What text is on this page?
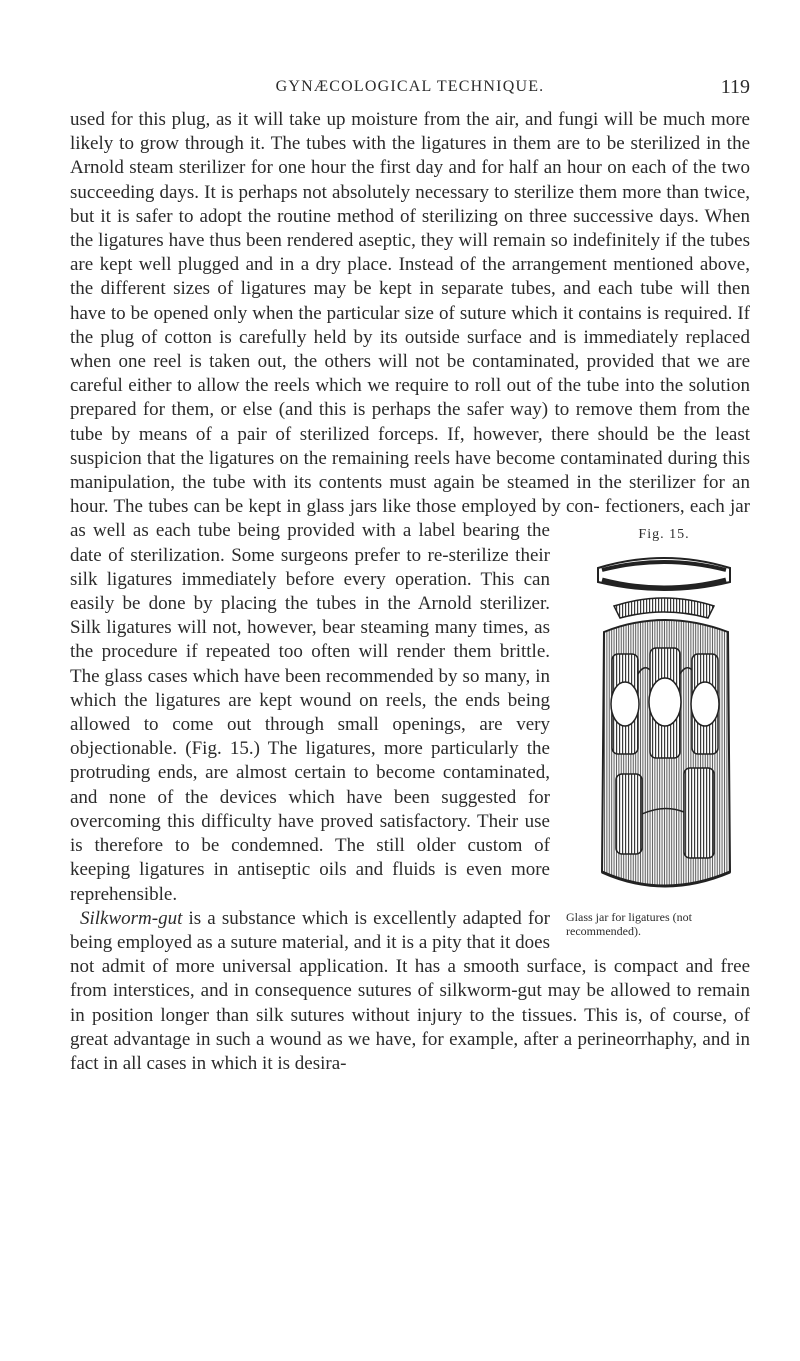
GYNÆCOLOGICAL TECHNIQUE.	119

used for this plug, as it will take up moisture from the air, and fungi will be much more likely to grow through it. The tubes with the ligatures in them are to be sterilized in the Arnold steam sterilizer for one hour the first day and for half an hour on each of the two succeeding days. It is perhaps not absolutely necessary to sterilize them more than twice, but it is safer to adopt the routine method of sterilizing on three successive days. When the ligatures have thus been rendered aseptic, they will remain so indefinitely if the tubes are kept well plugged and in a dry place. Instead of the arrangement mentioned above, the different sizes of ligatures may be kept in separate tubes, and each tube will then have to be opened only when the particular size of suture which it contains is required. If the plug of cotton is carefully held by its outside surface and is immediately replaced when one reel is taken out, the others will not be contaminated, provided that we are careful either to allow the reels which we require to roll out of the tube into the solution prepared for them, or else (and this is perhaps the safer way) to remove them from the tube by means of a pair of sterilized forceps. If, however, there should be the least suspicion that the ligatures on the remaining reels have become contaminated during this manipulation, the tube with its contents must again be steamed in the sterilizer for an hour. The tubes can be kept in glass jars like those employed by con-
Fig. 15.
Glass jar for ligatures (not recommended).
fectioners, each jar as well as each tube being provided with a label bearing the date of sterilization. Some surgeons prefer to re-sterilize their silk ligatures immediately before every operation. This can easily be done by placing the tubes in the Arnold sterilizer. Silk ligatures will not, however, bear steaming many times, as the procedure if repeated too often will render them brittle. The glass cases which have been recommended by so many, in which the ligatures are kept wound on reels, the ends being allowed to come out through small openings, are very objectionable. (Fig. 15.) The ligatures, more particularly the protruding ends, are almost certain to become contaminated, and none of the devices which have been suggested for overcoming this difficulty have proved satisfactory. Their use is therefore to be condemned. The still older custom of keeping ligatures in antiseptic oils and fluids is even more reprehensible.

Silkworm-gut is a substance which is excellently adapted for being employed as a suture material, and it is a pity that it does not admit of more universal application. It has a smooth surface, is compact and free from interstices, and in consequence sutures of silkworm-gut may be allowed to remain in position longer than silk sutures without injury to the tissues. This is, of course, of great advantage in such a wound as we have, for example, after a perineorrhaphy, and in fact in all cases in which it is desira-
